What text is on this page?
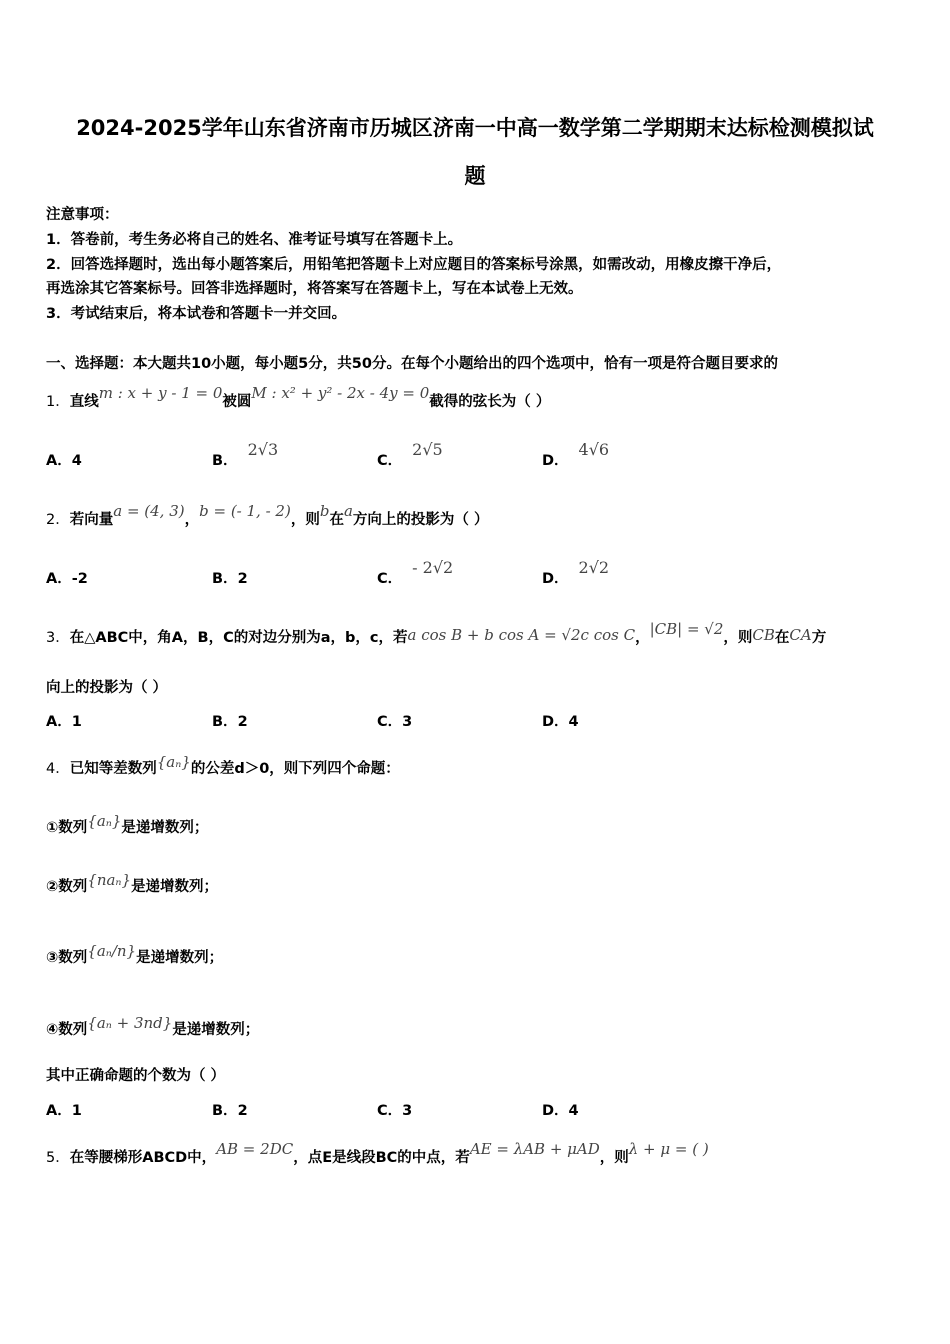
2024-2025学年山东省济南市历城区济南一中高一数学第二学期期末达标检测模拟试
题
注意事项：
1．答卷前，考生务必将自己的姓名、准考证号填写在答题卡上。
2．回答选择题时，选出每小题答案后，用铅笔把答题卡上对应题目的答案标号涂黑，如需改动，用橡皮擦干净后，
再选涂其它答案标号。回答非选择题时，将答案写在答题卡上，写在本试卷上无效。
3．考试结束后，将本试卷和答题卡一并交回。
一、选择题：本大题共10小题，每小题5分，共50分。在每个小题给出的四个选项中，恰有一项是符合题目要求的
1．直线m : x + y - 1 = 0被圆M : x² + y² - 2x - 4y = 0截得的弦长为（ ）
A．4	B．2√3
C．2√5
D．4√6
2．若向量a = (4, 3)，b = (- 1, - 2)，则b在a方向上的投影为（ ）
A．-2	B．2	C．- 2√2
D．2√2
3．在△ABC中，角A，B，C的对边分别为a，b，c，若a cos B + b cos A = √2c cos C，|CB| = √2，则CB在CA方
向上的投影为（ ）
A．1	B．2	C．3	D．4
4．已知等差数列{aₙ}的公差d＞0，则下列四个命题：
①数列{aₙ}是递增数列；
②数列{naₙ}是递增数列；
③数列{aₙ/n}是递增数列；
④数列{aₙ + 3nd}是递增数列；
其中正确命题的个数为（ ）
A．1	B．2	C．3	D．4
5．在等腰梯形ABCD中，AB = 2DC，点E是线段BC的中点，若AE = λAB + μAD，则λ + μ = ( )
